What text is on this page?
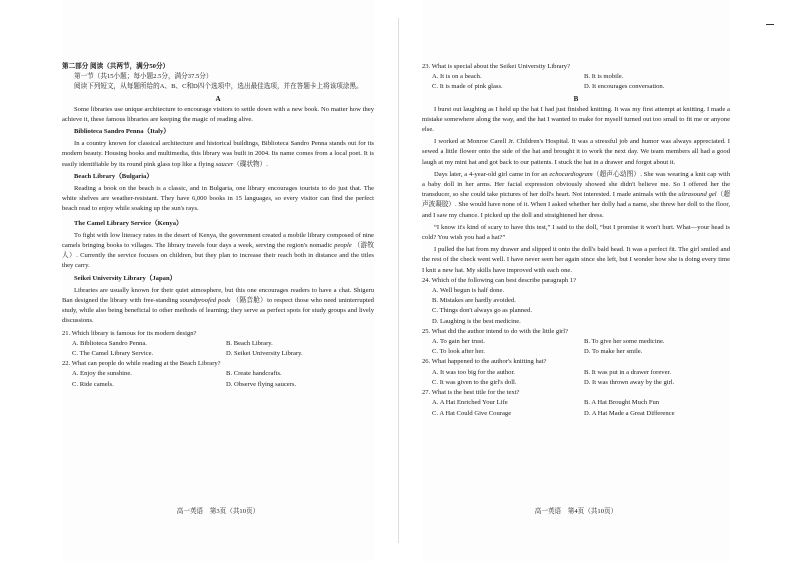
第二部分 阅读（共两节，满分50分）

第一节（共15小题；每小题2.5分，满分37.5分）

阅读下列短文，从每题所给的A、B、C和D四个选项中，选出最佳选项，并在答题卡上将该项涂黑。

A

Some libraries use unique architecture to encourage visitors to settle down with a new book. No matter how they achieve it, these famous libraries are keeping the magic of reading alive.

Biblioteca Sandro Penna（Italy）

In a country known for classical architecture and historical buildings, Biblioteca Sandro Penna stands out for its modern beauty. Housing books and multimedia, this library was built in 2004. Its name comes from a local poet. It is easily identifiable by its round pink glass top like a flying saucer（碟状物）.

Beach Library（Bulgaria）

Reading a book on the beach is a classic, and in Bulgaria, one library encourages tourists to do just that. The white shelves are weather-resistant. They have 6,000 books in 15 languages, so every visitor can find the perfect beach read to enjoy while soaking up the sun's rays.

The Camel Library Service（Kenya）

To fight with low literacy rates in the desert of Kenya, the government created a mobile library composed of nine camels bringing books to villages. The library travels four days a week, serving the region's nomadic people （游牧人）. Currently the service focuses on children, but they plan to increase their reach both in distance and the titles they carry.

Seikei University Library（Japan）

Libraries are usually known for their quiet atmosphere, but this one encourages readers to have a chat. Shigeru Ban designed the library with free-standing soundproofed pods （隔音舱）to respect those who need uninterrupted study, while also being beneficial to other methods of learning; they serve as perfect spots for study groups and lively discussions.

21. Which library is famous for its modern design?

A. Biblioteca Sandro Penna.	B. Beach Library.
C. The Camel Library Service.	D. Seikei University Library.

22. What can people do while reading at the Beach Library?

A. Enjoy the sunshine.	B. Create handcrafts.
C. Ride camels.	D. Observe flying saucers.
高一英语　第3页（共10页）

23. What is special about the Seikei University Library?

A. It is on a beach.	B. It is mobile.
C. It is made of pink glass.	D. It encourages conversation.

B

I burst out laughing as I held up the hat I had just finished knitting. It was my first attempt at knitting. I made a mistake somewhere along the way, and the hat I wanted to make for myself turned out too small to fit me or anyone else.

I worked at Monroe Carell Jr. Children's Hospital. It was a stressful job and humor was always appreciated. I sewed a little flower onto the side of the hat and brought it to work the next day. We team members all had a good laugh at my mini hat and got back to our patients. I stuck the hat in a drawer and forgot about it.

Days later, a 4-year-old girl came in for an echocardiogram（超声心动图）. She was wearing a knit cap with a baby doll in her arms. Her facial expression obviously showed she didn't believe me. So I offered her the transducer, so she could take pictures of her doll's heart. Not interested. I made animals with the ultrasound gel（超声波凝胶）. She would have none of it. When I asked whether her dolly had a name, she threw her doll to the floor, and I saw my chance. I picked up the doll and straightened her dress.

“I know it's kind of scary to have this test,” I said to the doll, “but I promise it won't hurt. What—your head is cold? You wish you had a hat?”

I pulled the hat from my drawer and slipped it onto the doll's bald head. It was a perfect fit. The girl smiled and the rest of the check went well. I have never seen her again since she left, but I wonder how she is doing every time I knit a new hat. My skills have improved with each one.

24. Which of the following can best describe paragraph 1?

A. Well begun is half done.
B. Mistakes are hardly avoided.
C. Things don't always go as planned.
D. Laughing is the best medicine.

25. What did the author intend to do with the little girl?

A. To gain her trust.	B. To give her some medicine.
C. To look after her.	D. To make her smile.

26. What happened to the author's knitting hat?

A. It was too big for the author.	B. It was put in a drawer forever.
C. It was given to the girl's doll.	D. It was thrown away by the girl.

27. What is the best title for the text?

A. A Hat Enriched Your Life	B. A Hat Brought Much Fun
C. A Hat Could Give Courage	D. A Hat Made a Great Difference
高一英语　第4页（共10页）
